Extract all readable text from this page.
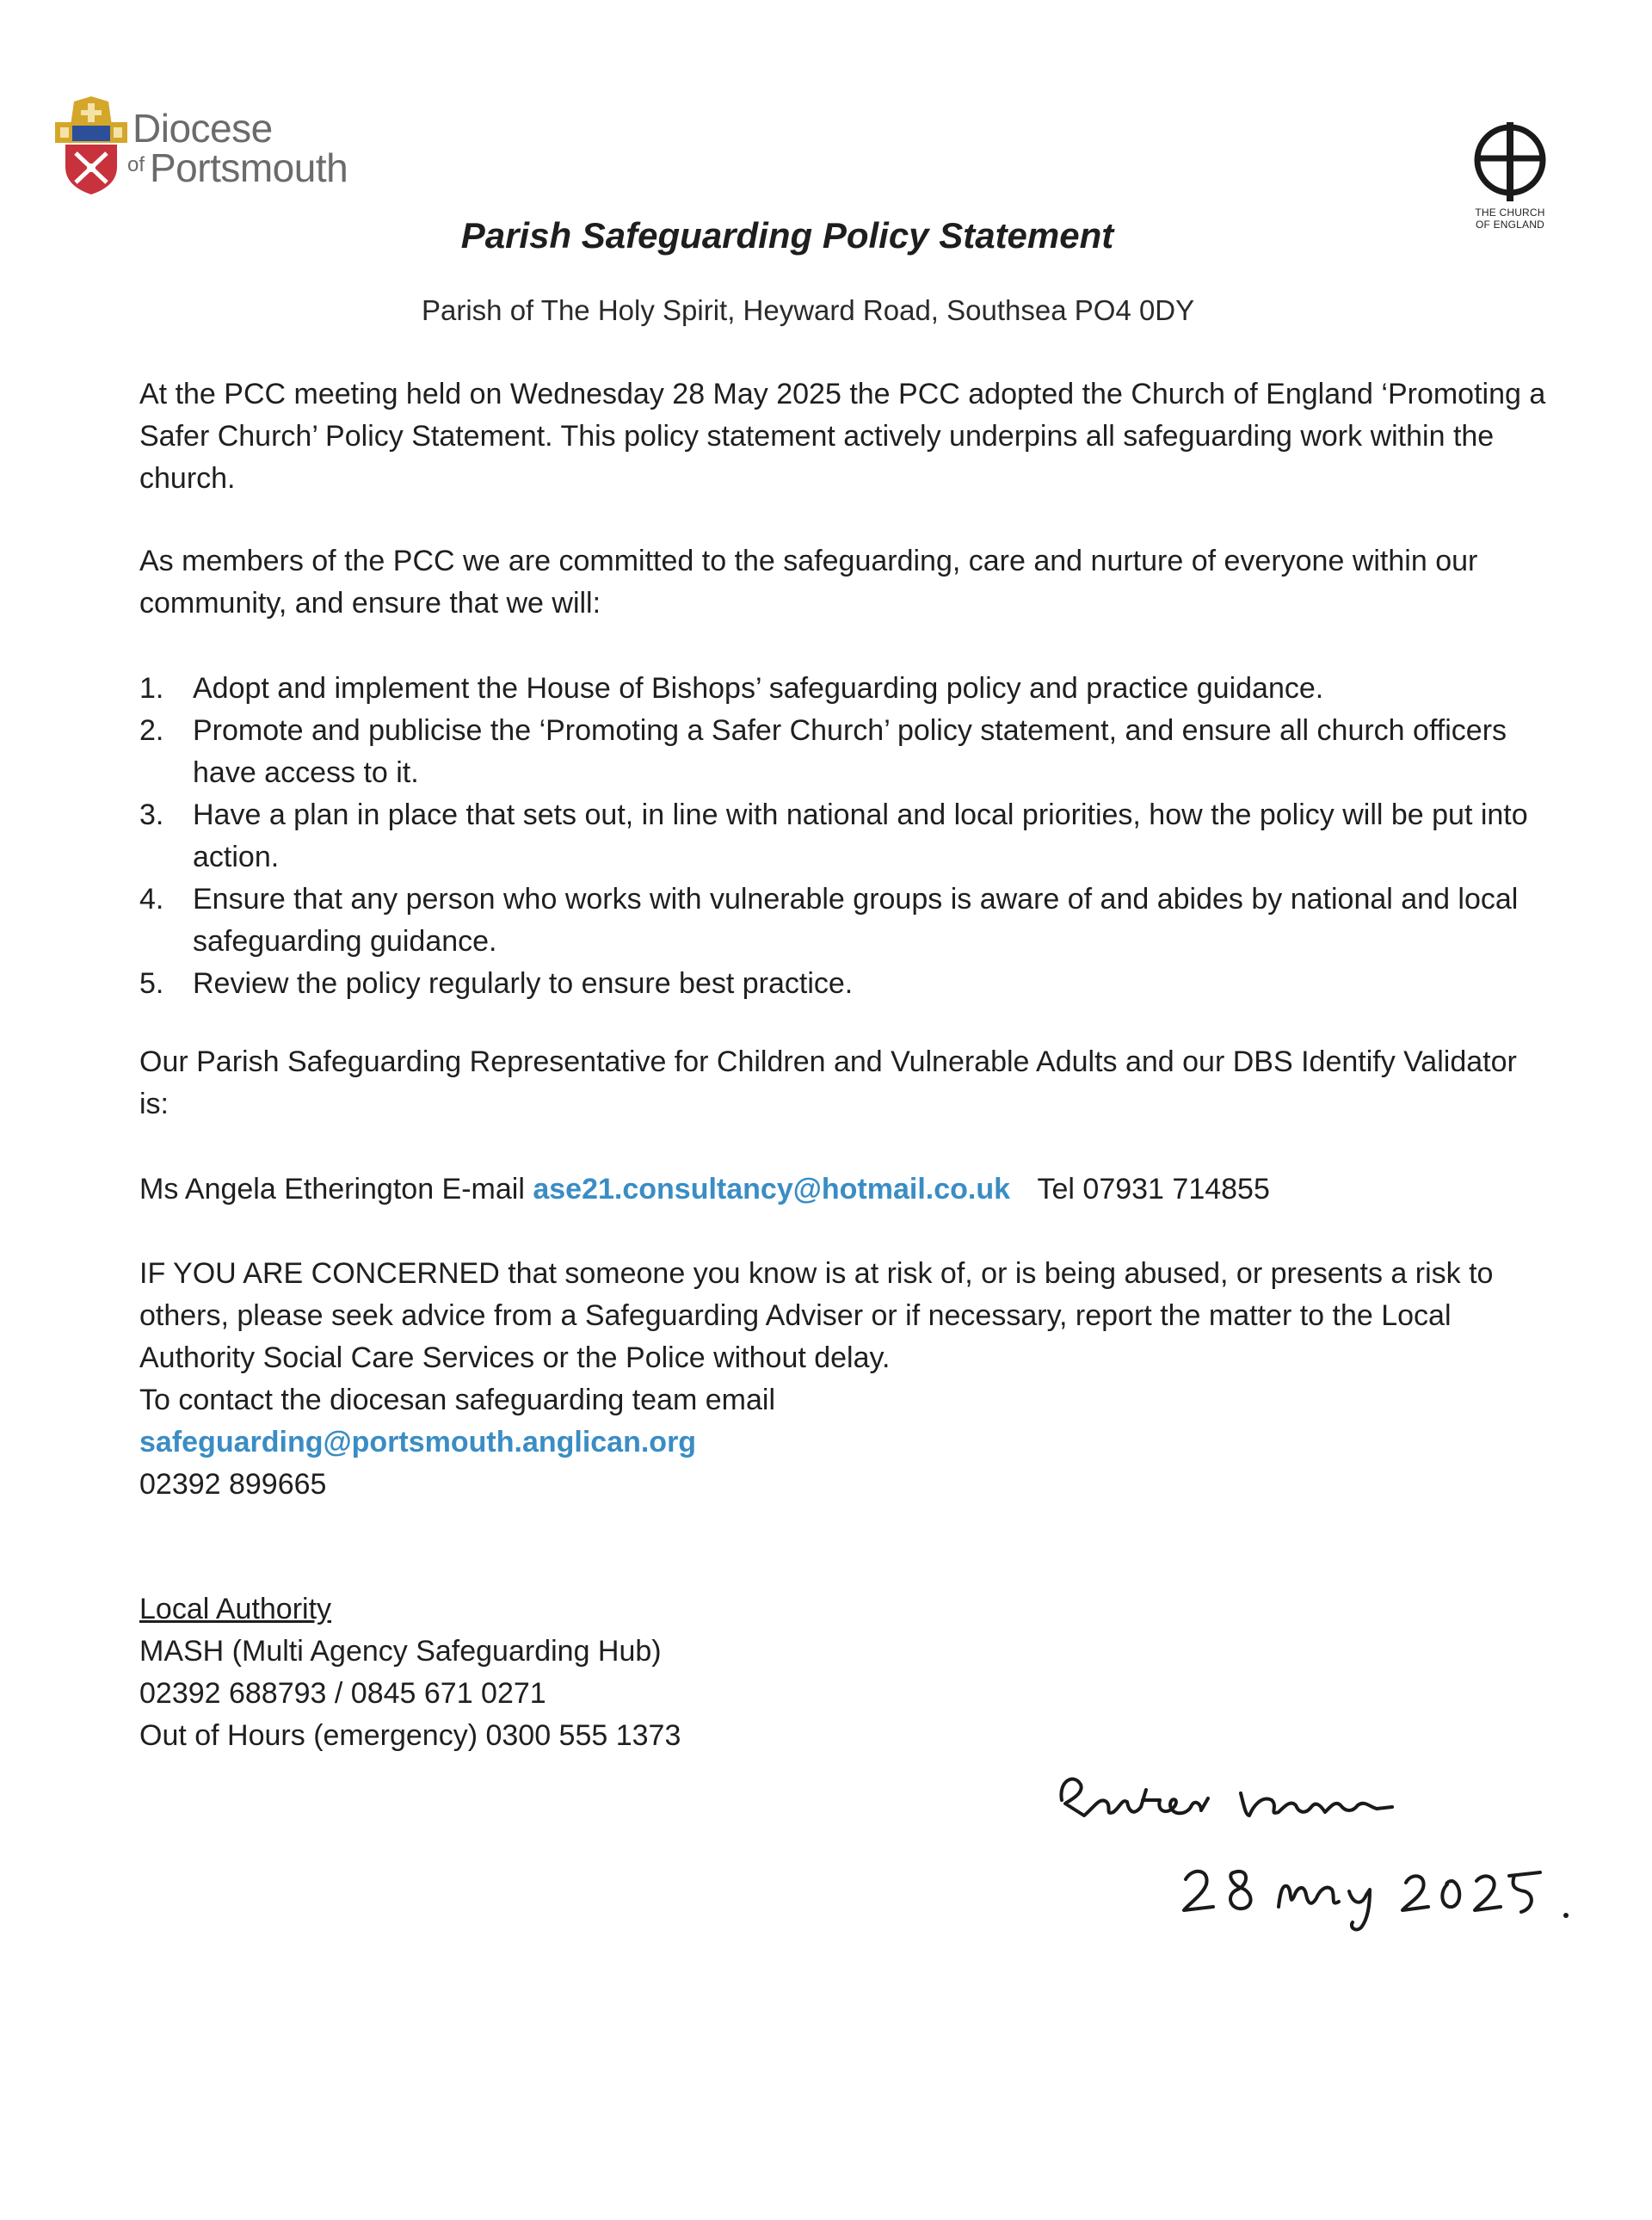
Diocese
of Portsmouth
THE CHURCH
OF ENGLAND
Parish Safeguarding Policy Statement
Parish of The Holy Spirit, Heyward Road, Southsea PO4 0DY
At the PCC meeting held on Wednesday 28 May 2025 the PCC adopted the Church of England ‘Promoting a Safer Church’ Policy Statement. This policy statement actively underpins all safeguarding work within the church.
As members of the PCC we are committed to the safeguarding, care and nurture of everyone within our community, and ensure that we will:
1. Adopt and implement the House of Bishops’ safeguarding policy and practice guidance.
2. Promote and publicise the ‘Promoting a Safer Church’ policy statement, and ensure all church officers have access to it.
3. Have a plan in place that sets out, in line with national and local priorities, how the policy will be put into action.
4. Ensure that any person who works with vulnerable groups is aware of and abides by national and local safeguarding guidance.
5. Review the policy regularly to ensure best practice.
Our Parish Safeguarding Representative for Children and Vulnerable Adults and our DBS Identify Validator is:
Ms Angela Etherington E-mail ase21.consultancy@hotmail.co.uk Tel 07931 714855
IF YOU ARE CONCERNED that someone you know is at risk of, or is being abused, or presents a risk to others, please seek advice from a Safeguarding Adviser or if necessary, report the matter to the Local Authority Social Care Services or the Police without delay.
To contact the diocesan safeguarding team email
safeguarding@portsmouth.anglican.org
02392 899665
Local Authority
MASH (Multi Agency Safeguarding Hub)
02392 688793 / 0845 671 0271
Out of Hours (emergency) 0300 555 1373
